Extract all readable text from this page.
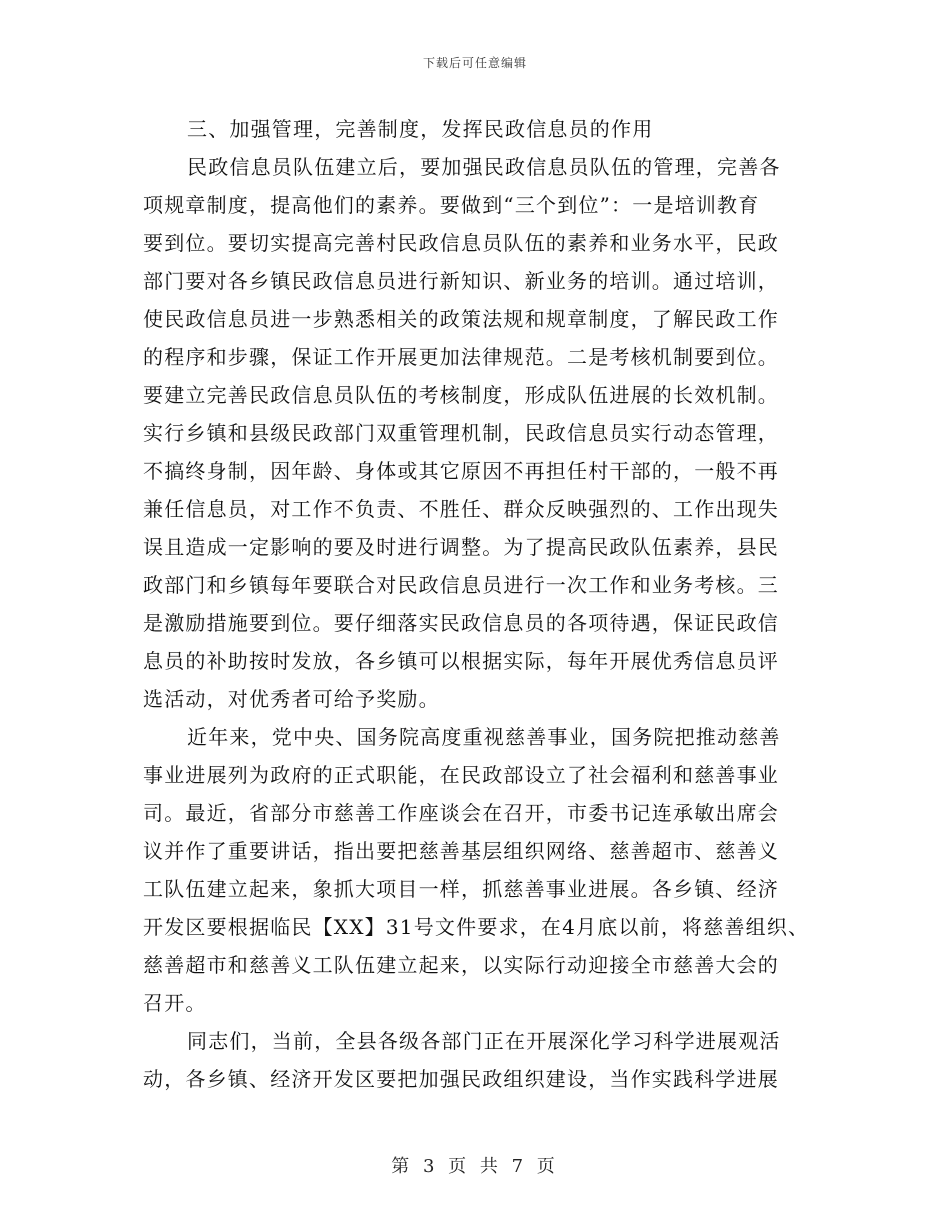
下载后可任意编辑
三、加强管理，完善制度，发挥民政信息员的作用
民政信息员队伍建立后，要加强民政信息员队伍的管理，完善各
项规章制度，提高他们的素养。要做到“三个到位”：一是培训教育
要到位。要切实提高完善村民政信息员队伍的素养和业务水平，民政
部门要对各乡镇民政信息员进行新知识、新业务的培训。通过培训，
使民政信息员进一步熟悉相关的政策法规和规章制度，了解民政工作
的程序和步骤，保证工作开展更加法律规范。二是考核机制要到位。
要建立完善民政信息员队伍的考核制度，形成队伍进展的长效机制。
实行乡镇和县级民政部门双重管理机制，民政信息员实行动态管理，
不搞终身制，因年龄、身体或其它原因不再担任村干部的，一般不再
兼任信息员，对工作不负责、不胜任、群众反映强烈的、工作出现失
误且造成一定影响的要及时进行调整。为了提高民政队伍素养，县民
政部门和乡镇每年要联合对民政信息员进行一次工作和业务考核。三
是激励措施要到位。要仔细落实民政信息员的各项待遇，保证民政信
息员的补助按时发放，各乡镇可以根据实际，每年开展优秀信息员评
选活动，对优秀者可给予奖励。
近年来，党中央、国务院高度重视慈善事业，国务院把推动慈善
事业进展列为政府的正式职能，在民政部设立了社会福利和慈善事业
司。最近，省部分市慈善工作座谈会在召开，市委书记连承敏出席会
议并作了重要讲话，指出要把慈善基层组织网络、慈善超市、慈善义
工队伍建立起来，象抓大项目一样，抓慈善事业进展。各乡镇、经济
开发区要根据临民【XX】31号文件要求，在4月底以前，将慈善组织、
慈善超市和慈善义工队伍建立起来，以实际行动迎接全市慈善大会的
召开。
同志们，当前，全县各级各部门正在开展深化学习科学进展观活
动，各乡镇、经济开发区要把加强民政组织建设，当作实践科学进展
第 3 页 共 7 页
